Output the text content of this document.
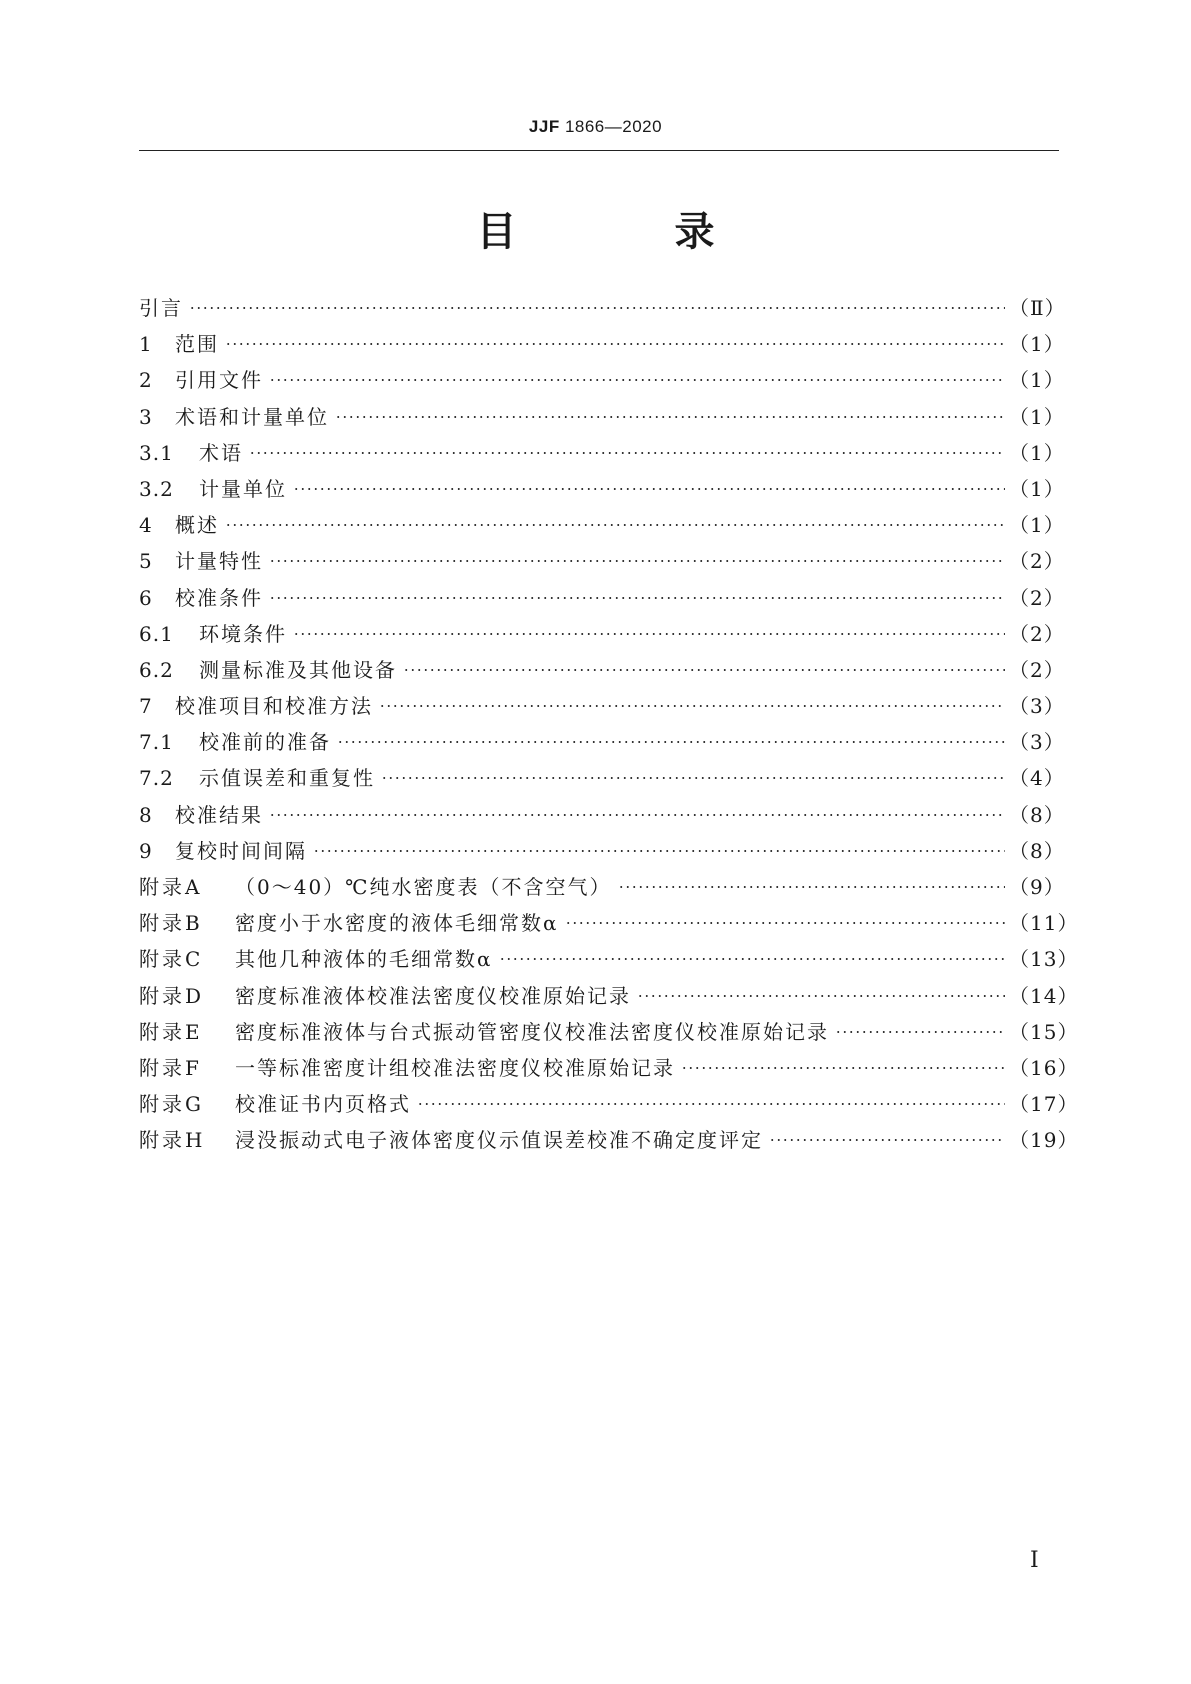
JJF 1866—2020
目 录
引言	（Ⅱ）
1	范围	（1）
2	引用文件	（1）
3	术语和计量单位	（1）
3.1	术语	（1）
3.2	计量单位	（1）
4	概述	（1）
5	计量特性	（2）
6	校准条件	（2）
6.1	环境条件	（2）
6.2	测量标准及其他设备	（2）
7	校准项目和校准方法	（3）
7.1	校准前的准备	（3）
7.2	示值误差和重复性	（4）
8	校准结果	（8）
9	复校时间间隔	（8）
附录A	（0～40）℃纯水密度表（不含空气）	（9）
附录B	密度小于水密度的液体毛细常数α	（11）
附录C	其他几种液体的毛细常数α	（13）
附录D	密度标准液体校准法密度仪校准原始记录	（14）
附录E	密度标准液体与台式振动管密度仪校准法密度仪校准原始记录	（15）
附录F	一等标准密度计组校准法密度仪校准原始记录	（16）
附录G	校准证书内页格式	（17）
附录H	浸没振动式电子液体密度仪示值误差校准不确定度评定	（19）
Ⅰ
